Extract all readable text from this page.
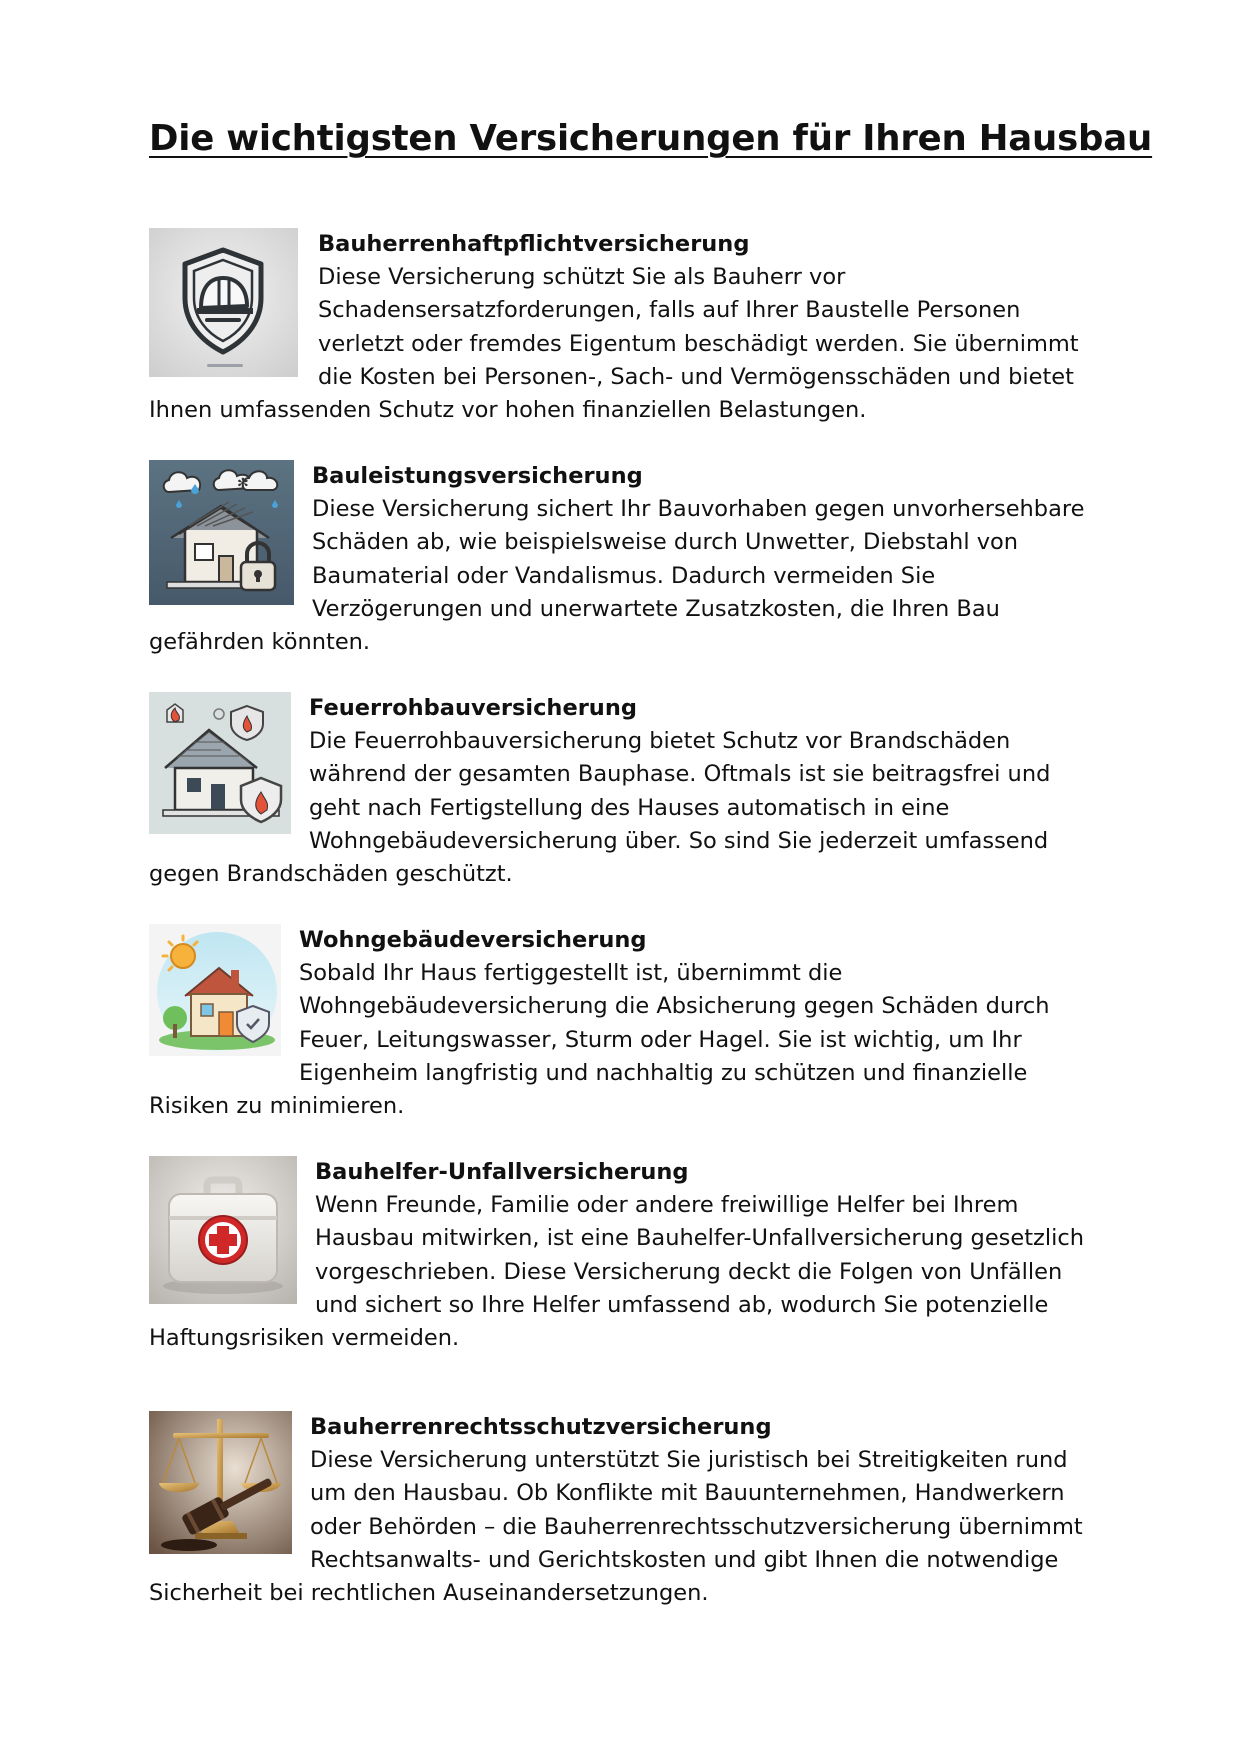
Die wichtigsten Versicherungen für Ihren Hausbau

Bauherrenhaftpflichtversicherung

Diese Versicherung schützt Sie als Bauherr vor Schadensersatzforderungen, falls auf Ihrer Baustelle Personen verletzt oder fremdes Eigentum beschädigt werden. Sie übernimmt die Kosten bei Personen-, Sach- und Vermögensschäden und bietet Ihnen umfassenden Schutz vor hohen finanziellen Belastungen.

✻	Bauleistungsversicherung

Diese Versicherung sichert Ihr Bauvorhaben gegen unvorhersehbare Schäden ab, wie beispielsweise durch Unwetter, Diebstahl von Baumaterial oder Vandalismus. Dadurch vermeiden Sie Verzögerungen und unerwartete Zusatzkosten, die Ihren Bau gefährden könnten.

Feuerrohbauversicherung

Die Feuerrohbauversicherung bietet Schutz vor Brandschäden während der gesamten Bauphase. Oftmals ist sie beitragsfrei und geht nach Fertigstellung des Hauses automatisch in eine Wohngebäudeversicherung über. So sind Sie jederzeit umfassend gegen Brandschäden geschützt.

Wohngebäudeversicherung

Sobald Ihr Haus fertiggestellt ist, übernimmt die Wohngebäudeversicherung die Absicherung gegen Schäden durch Feuer, Leitungswasser, Sturm oder Hagel. Sie ist wichtig, um Ihr Eigenheim langfristig und nachhaltig zu schützen und finanzielle Risiken zu minimieren.

Bauhelfer-Unfallversicherung

Wenn Freunde, Familie oder andere freiwillige Helfer bei Ihrem Hausbau mitwirken, ist eine Bauhelfer-Unfallversicherung gesetzlich vorgeschrieben. Diese Versicherung deckt die Folgen von Unfällen und sichert so Ihre Helfer umfassend ab, wodurch Sie potenzielle Haftungsrisiken vermeiden.

Bauherrenrechtsschutzversicherung

Diese Versicherung unterstützt Sie juristisch bei Streitigkeiten rund um den Hausbau. Ob Konflikte mit Bauunternehmen, Handwerkern oder Behörden – die Bauherrenrechtsschutzversicherung übernimmt Rechtsanwalts- und Gerichtskosten und gibt Ihnen die notwendige Sicherheit bei rechtlichen Auseinandersetzungen.
